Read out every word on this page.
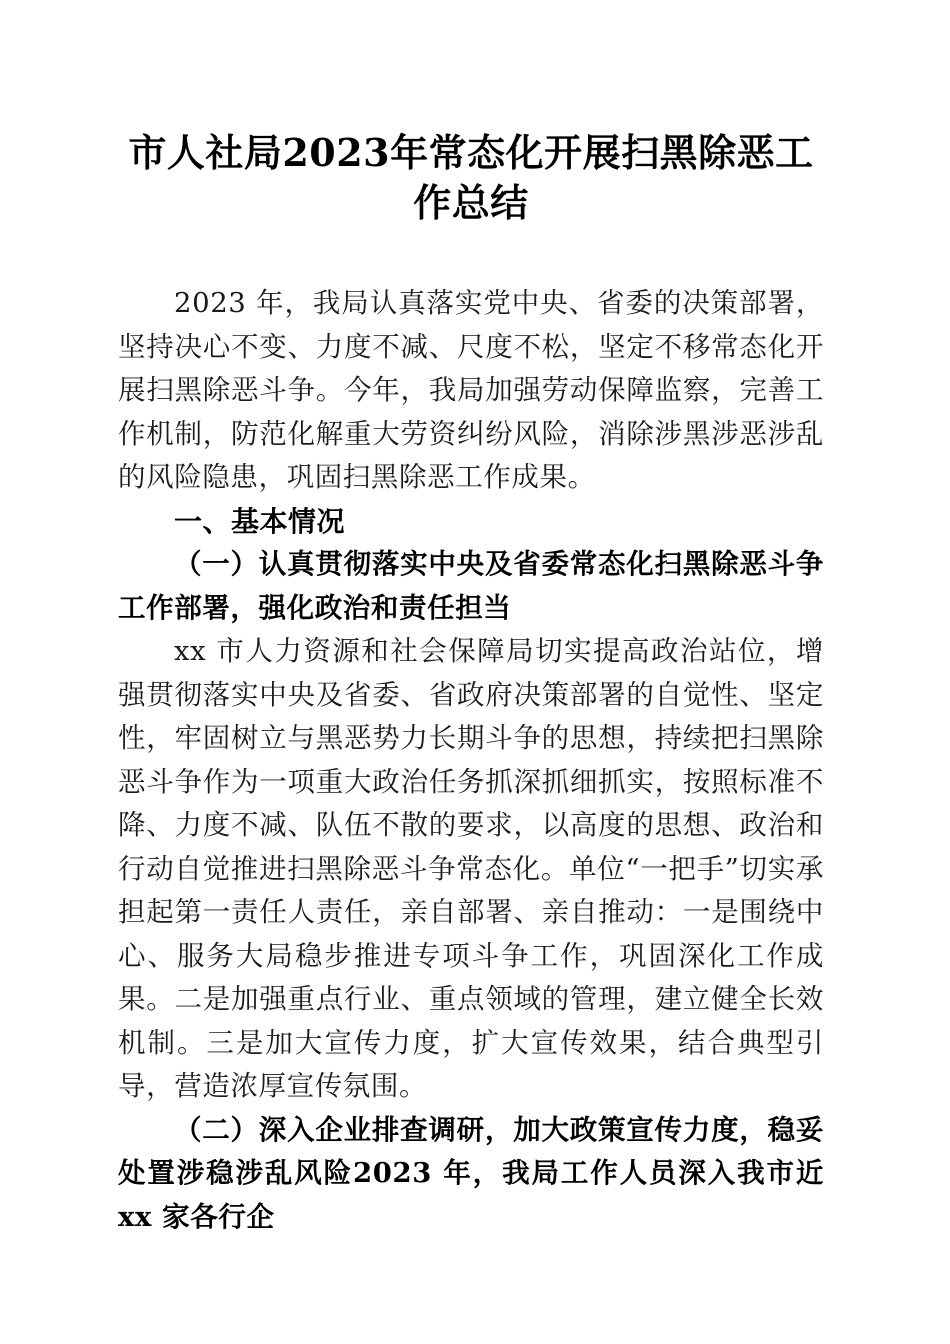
市人社局2023年常态化开展扫黑除恶工作总结

2023 年，我局认真落实党中央、省委的决策部署，坚持决心不变、力度不减、尺度不松，坚定不移常态化开展扫黑除恶斗争。今年，我局加强劳动保障监察，完善工作机制，防范化解重大劳资纠纷风险，消除涉黑涉恶涉乱的风险隐患，巩固扫黑除恶工作成果。

一、基本情况
（一）认真贯彻落实中央及省委常态化扫黑除恶斗争工作部署，强化政治和责任担当

xx 市人力资源和社会保障局切实提高政治站位，增强贯彻落实中央及省委、省政府决策部署的自觉性、坚定性，牢固树立与黑恶势力长期斗争的思想，持续把扫黑除恶斗争作为一项重大政治任务抓深抓细抓实，按照标准不降、力度不减、队伍不散的要求，以高度的思想、政治和行动自觉推进扫黑除恶斗争常态化。单位“一把手”切实承担起第一责任人责任，亲自部署、亲自推动：一是围绕中心、服务大局稳步推进专项斗争工作，巩固深化工作成果。二是加强重点行业、重点领域的管理，建立健全长效机制。三是加大宣传力度，扩大宣传效果，结合典型引导，营造浓厚宣传氛围。

（二）深入企业排查调研，加大政策宣传力度，稳妥处置涉稳涉乱风险2023 年，我局工作人员深入我市近 xx 家各行企
